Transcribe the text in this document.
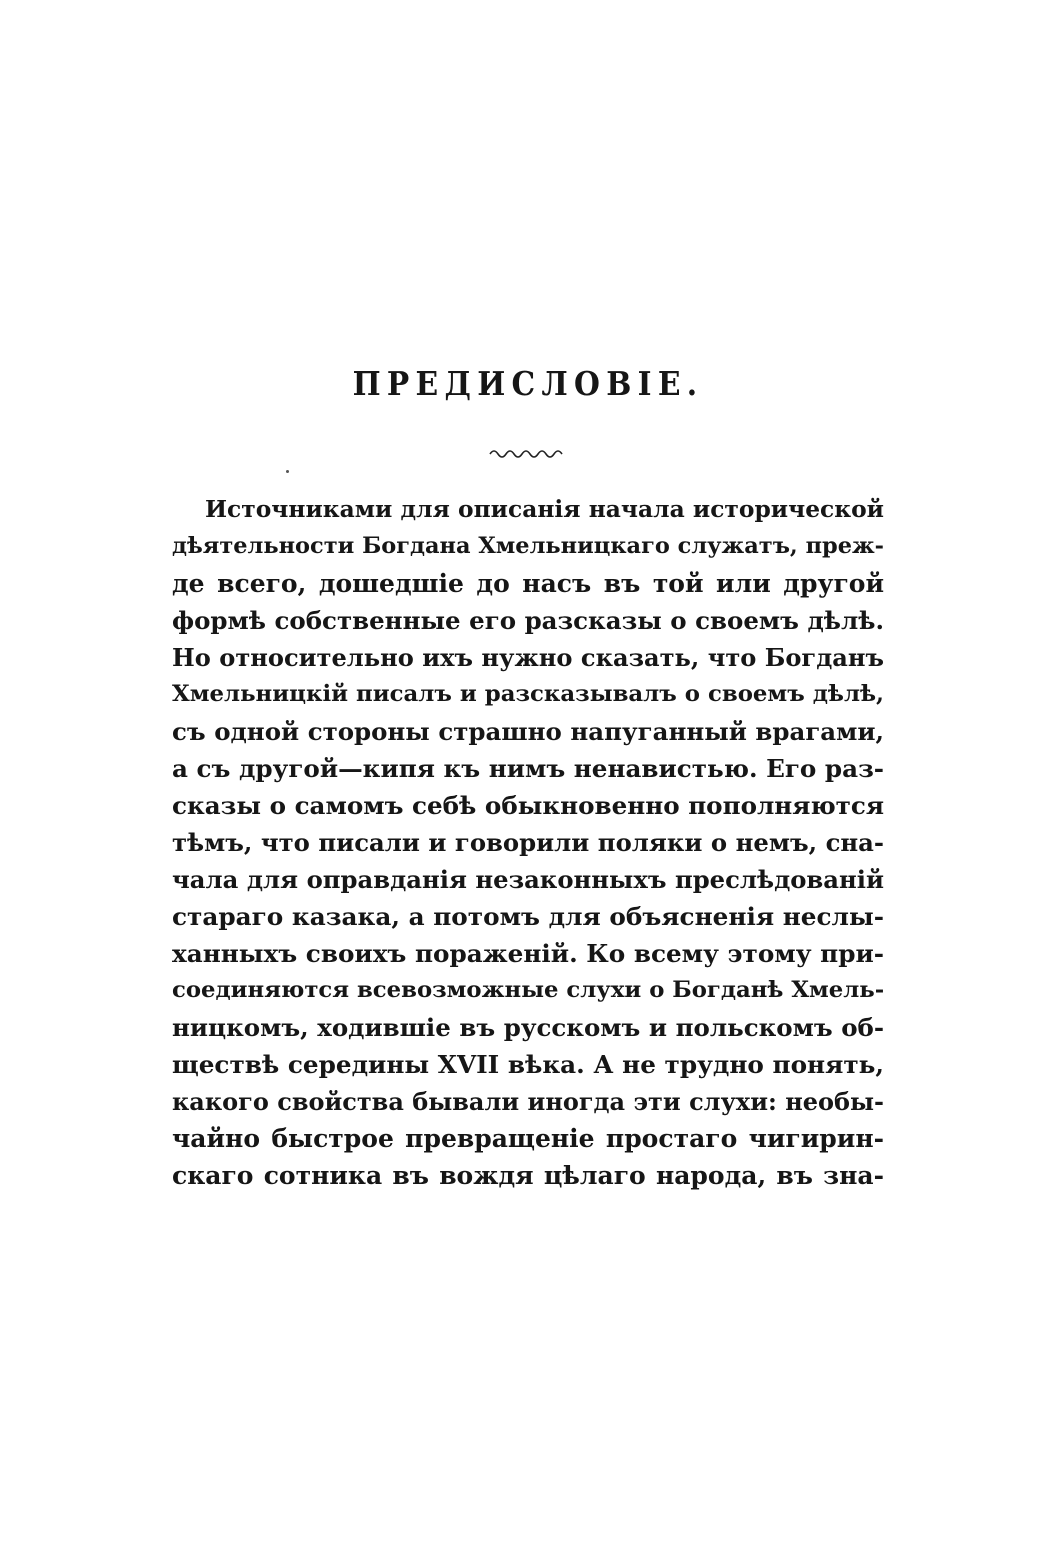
ПРЕДИСЛОВІЕ.
Источниками для описанія начала исторической
дѣятельности Богдана Хмельницкаго служатъ, преж-
де всего, дошедшіе до насъ въ той или другой
формѣ собственные его разсказы о своемъ дѣлѣ.
Но относительно ихъ нужно сказать, что Богданъ
Хмельницкій писалъ и разсказывалъ о своемъ дѣлѣ,
съ одной стороны страшно напуганный врагами,
а съ другой—кипя къ нимъ ненавистью. Его раз-
сказы о самомъ себѣ обыкновенно пополняются
тѣмъ, что писали и говорили поляки о немъ, сна-
чала для оправданія незаконныхъ преслѣдованій
стараго казака, а потомъ для объясненія неслы-
ханныхъ своихъ пораженій. Ко всему этому при-
соединяются всевозможные слухи о Богданѣ Хмель-
ницкомъ, ходившіе въ русскомъ и польскомъ об-
ществѣ середины XVII вѣка. А не трудно понять,
какого свойства бывали иногда эти слухи: необы-
чайно быстрое превращеніе простаго чигирин-
скаго сотника въ вождя цѣлаго народа, въ зна-
